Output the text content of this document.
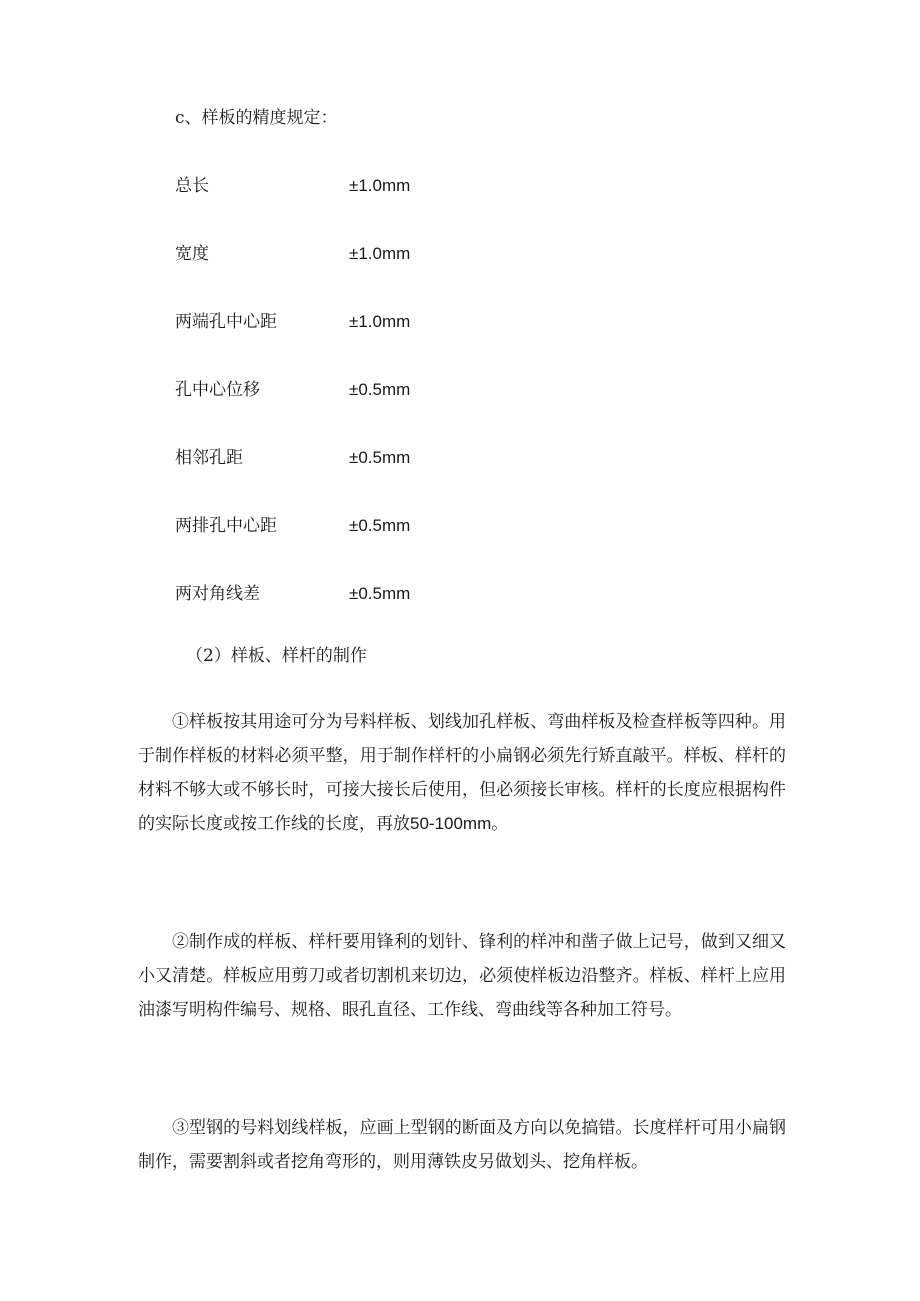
c、样板的精度规定：
总长	±1.0mm
宽度	±1.0mm
两端孔中心距	±1.0mm
孔中心位移	±0.5mm
相邻孔距	±0.5mm
两排孔中心距	±0.5mm
两对角线差	±0.5mm
（2）样板、样杆的制作

①样板按其用途可分为号料样板、划线加孔样板、弯曲样板及检查样板等四种。用于制作样板的材料必须平整，用于制作样杆的小扁钢必须先行矫直敲平。样板、样杆的材料不够大或不够长时，可接大接长后使用，但必须接长审核。样杆的长度应根据构件的实际长度或按工作线的长度，再放50-100mm。

②制作成的样板、样杆要用锋利的划针、锋利的样冲和凿子做上记号，做到又细又小又清楚。样板应用剪刀或者切割机来切边，必须使样板边沿整齐。样板、样杆上应用油漆写明构件编号、规格、眼孔直径、工作线、弯曲线等各种加工符号。

③型钢的号料划线样板，应画上型钢的断面及方向以免搞错。长度样杆可用小扁钢制作，需要割斜或者挖角弯形的，则用薄铁皮另做划头、挖角样板。
